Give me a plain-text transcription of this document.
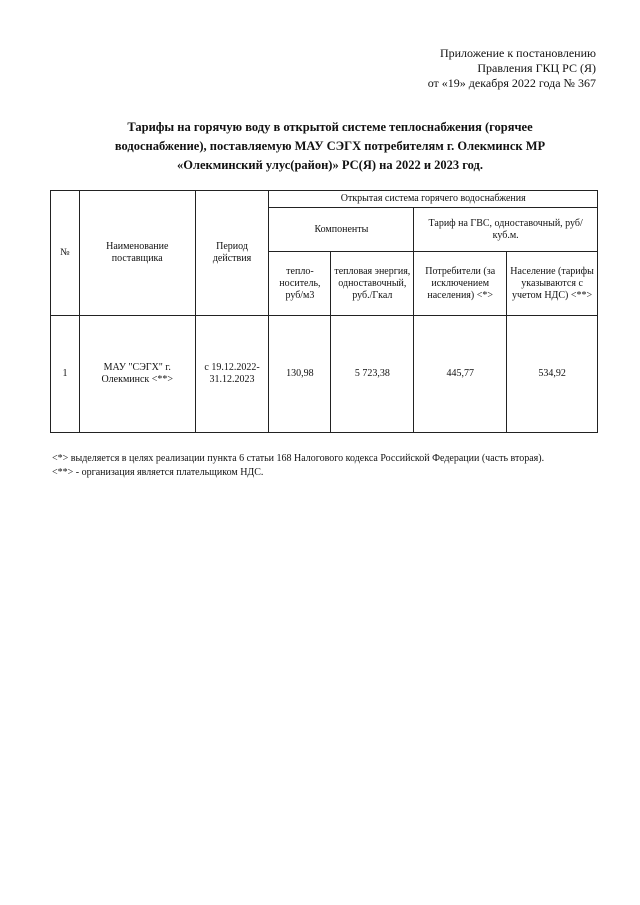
Приложение к постановлению
Правления ГКЦ РС (Я)
от «19» декабря 2022 года № 367
Тарифы на горячую воду в открытой системе теплоснабжения (горячее
водоснабжение), поставляемую МАУ СЭГХ потребителям г. Олекминск МР
«Олекминский улус(район)» РС(Я) на 2022 и 2023 год.
№	Наименование поставщика	Период действия	Открытая система горячего водоснабжения			
			Компоненты		Тариф на ГВС, одноставочный, руб/куб.м.	
			тепло-носитель, руб/м3	тепловая энергия, одноставочный, руб./Гкал	Потребители (за исключением населения) <*>	Население (тарифы указываются с учетом НДС) <**>
1	МАУ "СЭГХ" г. Олекминск <**>	с 19.12.2022-31.12.2023	130,98	5 723,38	445,77	534,92
<*> выделяется в целях реализации пункта 6 статьи 168 Налогового кодекса Российской Федерации (часть вторая).
<**> - организация является плательщиком НДС.
